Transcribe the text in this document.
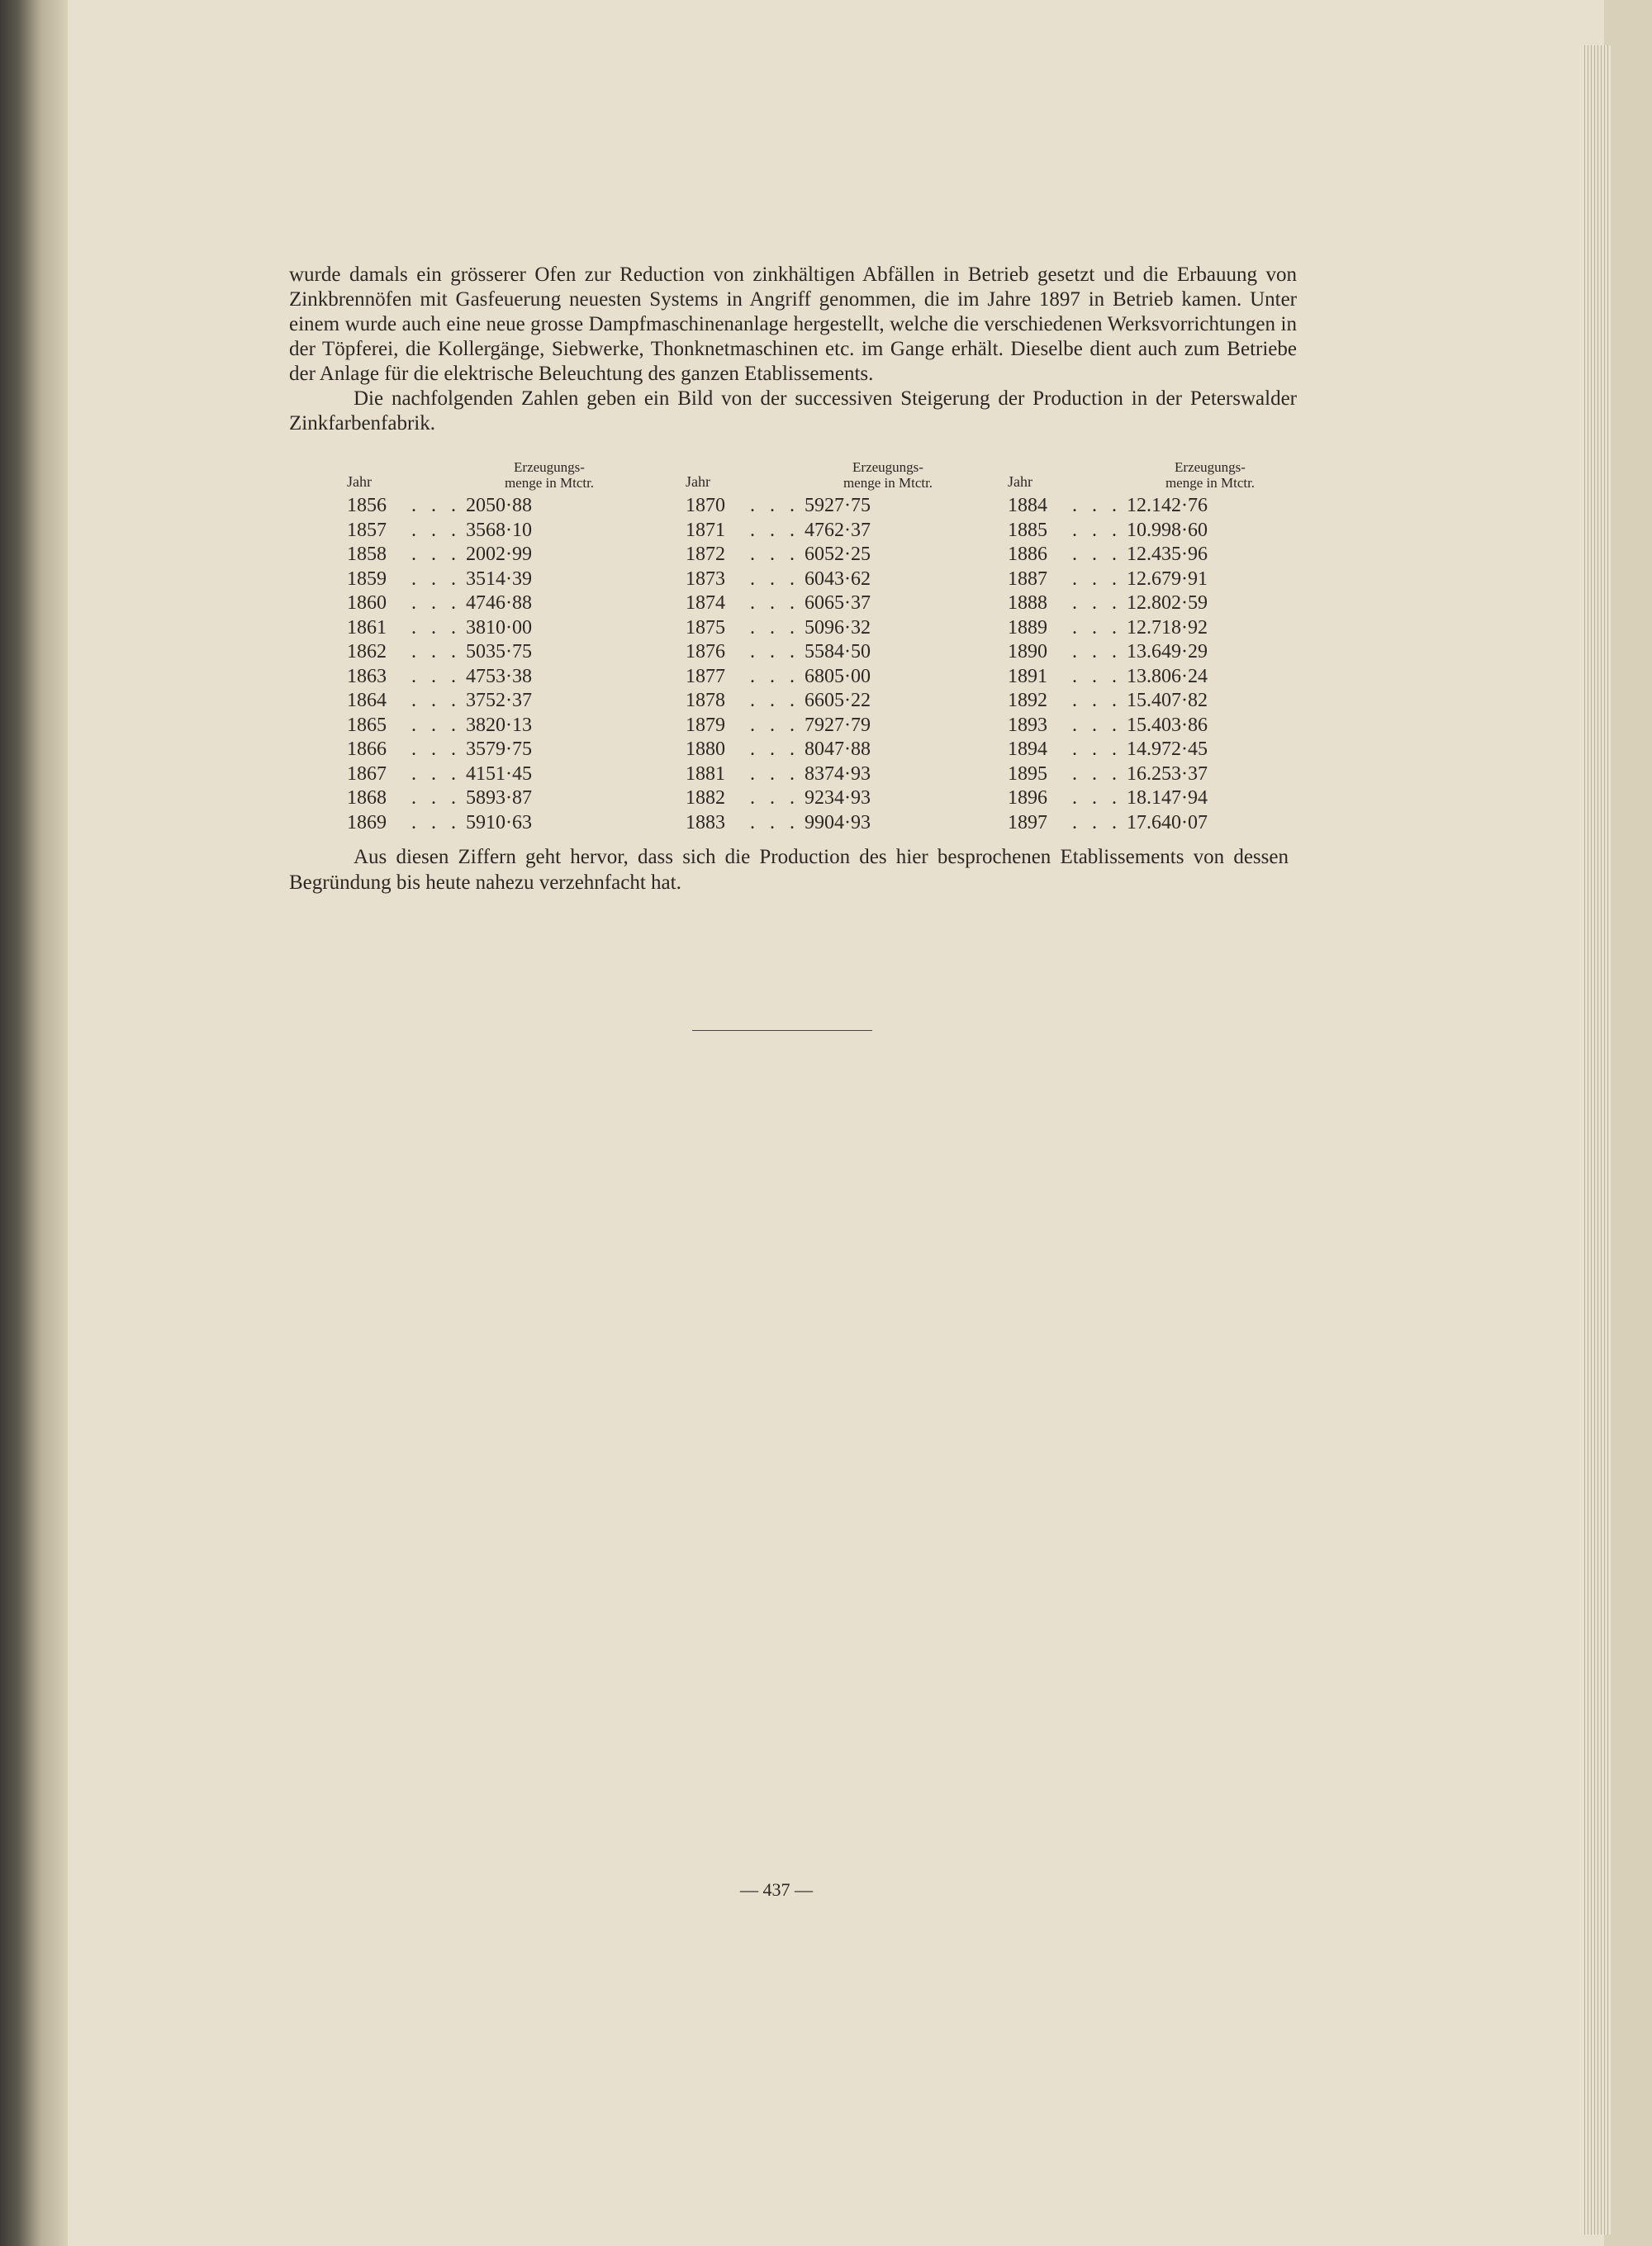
wurde damals ein grösserer Ofen zur Reduction von zinkhältigen Abfällen in Betrieb gesetzt und die Erbauung von Zinkbrennöfen mit Gasfeuerung neuesten Systems in Angriff genommen, die im Jahre 1897 in Betrieb kamen. Unter einem wurde auch eine neue grosse Dampfmaschinenanlage hergestellt, welche die verschiedenen Werksvorrichtungen in der Töpferei, die Kollergänge, Siebwerke, Thonknetmaschinen etc. im Gange erhält. Dieselbe dient auch zum Betriebe der Anlage für die elektrische Beleuchtung des ganzen Etablissements.

Die nachfolgenden Zahlen geben ein Bild von der successiven Steigerung der Production in der Peterswalder Zinkfarbenfabrik.

Jahr
Erzeugungs-
menge in Mtctr.
1856	. . . 2050·88
1857	. . . 3568·10
1858	. . . 2002·99
1859	. . . 3514·39
1860	. . . 4746·88
1861	. . . 3810·00
1862	. . . 5035·75
1863	. . . 4753·38
1864	. . . 3752·37
1865	. . . 3820·13
1866	. . . 3579·75
1867	. . . 4151·45
1868	. . . 5893·87
1869	. . . 5910·63
Jahr
Erzeugungs-
menge in Mtctr.
1870	. . . 5927·75
1871	. . . 4762·37
1872	. . . 6052·25
1873	. . . 6043·62
1874	. . . 6065·37
1875	. . . 5096·32
1876	. . . 5584·50
1877	. . . 6805·00
1878	. . . 6605·22
1879	. . . 7927·79
1880	. . . 8047·88
1881	. . . 8374·93
1882	. . . 9234·93
1883	. . . 9904·93
Jahr
Erzeugungs-
menge in Mtctr.
1884	. . . 12.142·76
1885	. . . 10.998·60
1886	. . . 12.435·96
1887	. . . 12.679·91
1888	. . . 12.802·59
1889	. . . 12.718·92
1890	. . . 13.649·29
1891	. . . 13.806·24
1892	. . . 15.407·82
1893	. . . 15.403·86
1894	. . . 14.972·45
1895	. . . 16.253·37
1896	. . . 18.147·94
1897	. . . 17.640·07

Aus diesen Ziffern geht hervor, dass sich die Production des hier besprochenen Etablissements von dessen Begründung bis heute nahezu verzehnfacht hat.

— 437 —
